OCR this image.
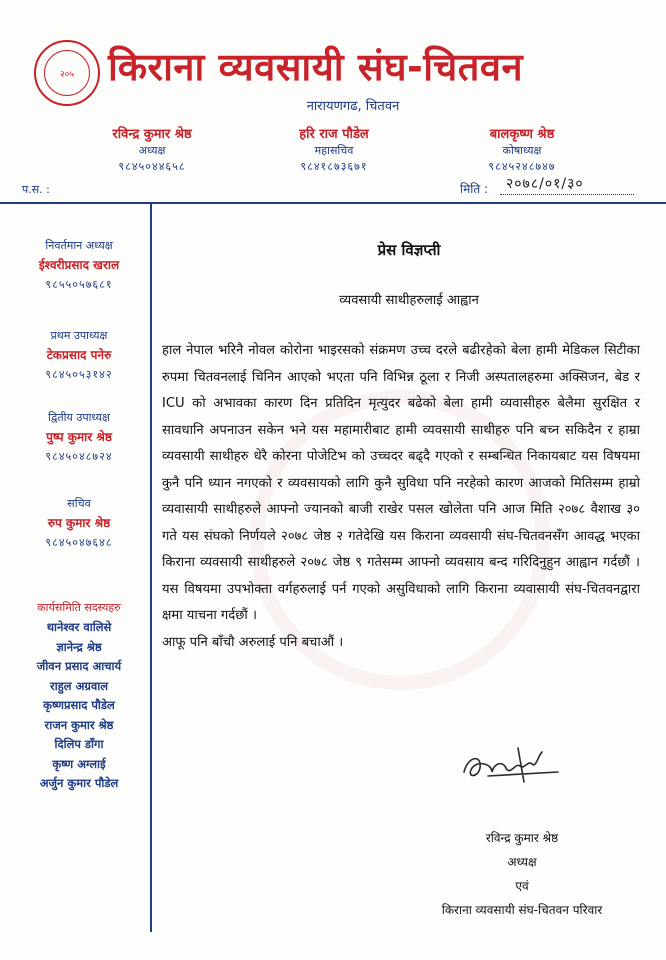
२०५ किराना व्यवसायी संघ-चितवन
नारायणगढ, चितवन
रविन्द्र कुमार श्रेष्ठ
अध्यक्ष
९८४५०४४६५८
हरि राज पौडेल
महासचिव
९८४१८७३६७१
बालकृष्ण श्रेष्ठ
कोषाध्यक्ष
९८४५२४८७४७
प.स. :	मिति : २०७८/०१/३०
निवर्तमान अध्यक्ष
ईश्वरीप्रसाद खराल
९८५५०५७६८१
प्रथम उपाध्यक्ष
टेकप्रसाद पनेरु
९८४५०५३१४२
द्वितीय उपाध्यक्ष
पुष्प कुमार श्रेष्ठ
९८४५०४८७२४
सचिव
रुप कुमार श्रेष्ठ
९८४५०४७६४८
कार्यसमिति सदस्यहरु
थानेश्वर वालिसे
ज्ञानेन्द्र श्रेष्ठ
जीवन प्रसाद आचार्य
राहुल अग्रवाल
कृष्णप्रसाद पौडेल
राजन कुमार श्रेष्ठ
दिलिप डाँगा
कृष्ण अग्लाई
अर्जुन कुमार पौडेल
प्रेस विज्ञप्ती
व्यवसायी साथीहरुलाई आह्वान

हाल नेपाल भरिनै नोवल कोरोना भाइरसको संक्रमण उच्च दरले बढीरहेको बेला हामी मेडिकल सिटीका रुपमा चितवनलाई चिनिन आएको भएता पनि विभिन्न ठूला र निजी अस्पतालहरुमा अक्सिजन, बेड र ICU को अभावका कारण दिन प्रतिदिन मृत्युदर बढेको बेला हामी व्यवासीहरु बेलैमा सुरक्षित र सावधानि अपनाउन सकेन भने यस महामारीबाट हामी व्यवसायी साथीहरु पनि बच्न सकिदैन र हाम्रा व्यवसायी साथीहरु धेरै कोरना पोजेटिभ को उच्चदर बढ्दै गएको र सम्बन्धित निकायबाट यस विषयमा कुनै पनि ध्यान नगएको र व्यवसायको लागि कुनै सुविधा पनि नरहेको कारण आजको मितिसम्म हाम्रो व्यवासायी साथीहरुले आफ्नो ज्यानको बाजी राखेर पसल खोलेता पनि आज मिति २०७८ वैशाख ३० गते यस संघको निर्णयले २०७८ जेष्ठ २ गतेदेखि यस किराना व्यवसायी संघ-चितवनसँग आवद्ध भएका किराना व्यवसायी साथीहरुले २०७८ जेष्ठ ९ गतेसम्म आफ्नो व्यवसाय बन्द गरिदिनुहुन आह्वान गर्दछौं । यस विषयमा उपभोक्ता वर्गहरुलाई पर्न गएको असुविधाको लागि किराना व्यवासायी संघ-चितवनद्वारा क्षमा याचना गर्दछौं ।

आफू पनि बाँचौ अरुलाई पनि बचाऔं ।

रविन्द्र कुमार श्रेष्ठ
अध्यक्ष
एवं
किराना व्यवसायी संघ-चितवन परिवार
